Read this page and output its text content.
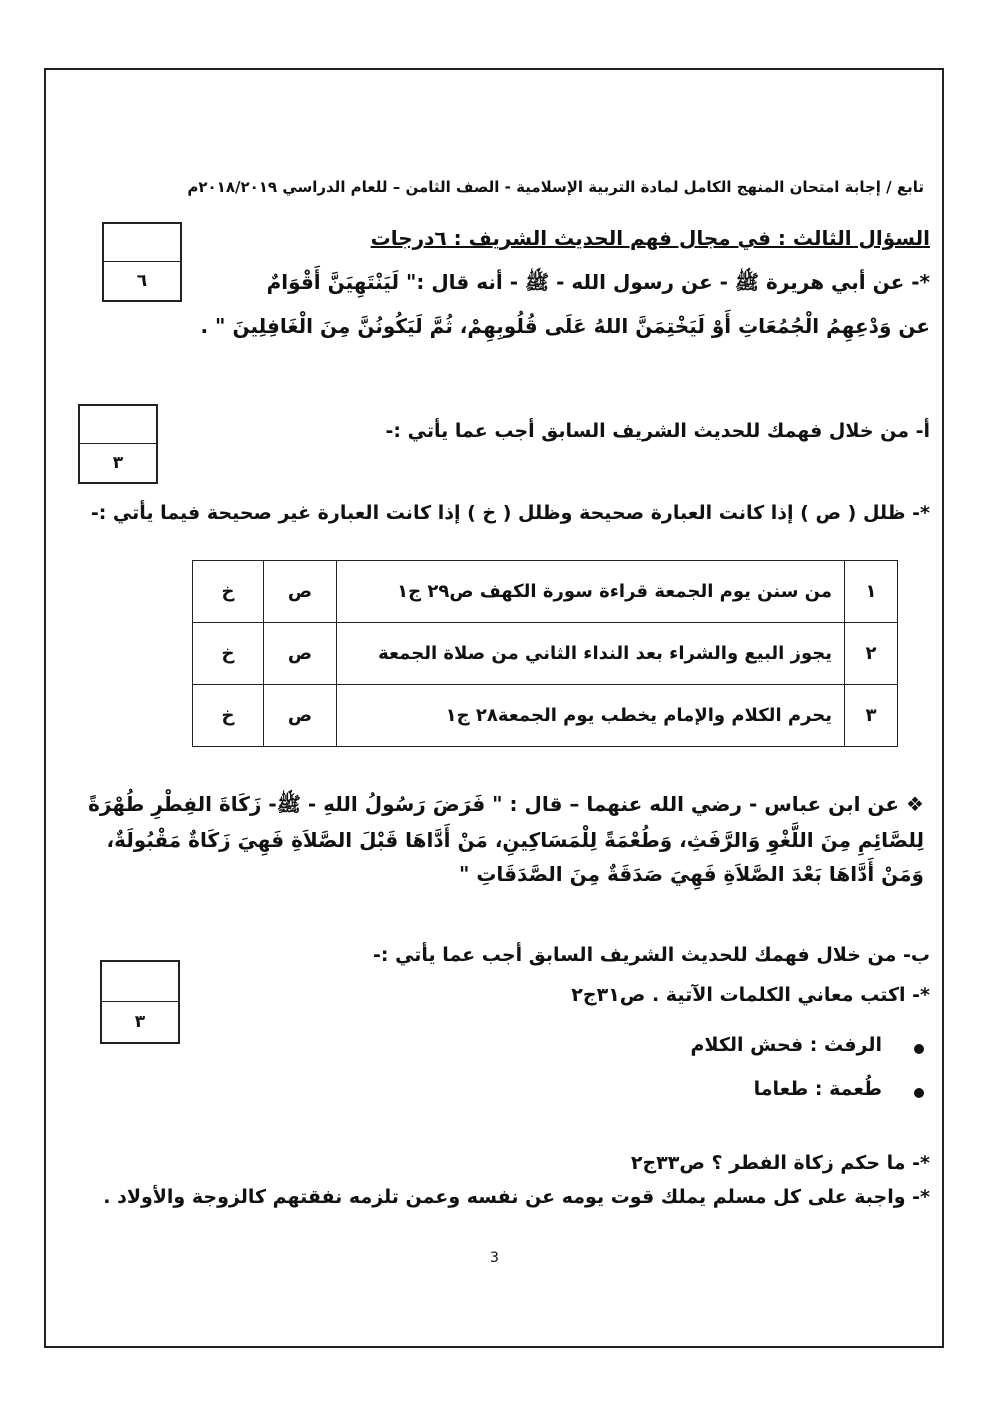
تابع / إجابة امتحان المنهج الكامل لمادة التربية الإسلامية - الصف الثامن – للعام الدراسي ٢٠١٨/٢٠١٩م
السؤال الثالث : في مجال فهم الحديث الشريف : ٦درجات
٦	*- عن أبي هريرة ﷺ - عن رسول الله - ﷺ - أنه قال :" لَيَنْتَهِيَنَّ أَقْوَامٌ
عن وَدْعِهِمُ الْجُمُعَاتِ أَوْ لَيَخْتِمَنَّ اللهُ عَلَى قُلُوبِهِمْ، ثُمَّ لَيَكُونُنَّ مِنَ الْغَافِلِينَ " .
أ- من خلال فهمك للحديث الشريف السابق أجب عما يأتي :-
٣
*- ظلل ( ص ) إذا كانت العبارة صحيحة وظلل ( خ ) إذا كانت العبارة غير صحيحة فيما يأتي :-
١	من سنن يوم الجمعة قراءة سورة الكهف ص٢٩ ج١	ص	خ
٢	يجوز البيع والشراء بعد النداء الثاني من صلاة الجمعة	ص	خ
٣	يحرم الكلام والإمام يخطب يوم الجمعة٢٨ ج١	ص	خ
❖ عن ابن عباس - رضي الله عنهما – قال : " فَرَضَ رَسُولُ اللهِ - ﷺ- زَكَاةَ الفِطْرِ طُهْرَةً
لِلصَّائِمِ مِنَ اللَّغْوِ وَالرَّفَثِ، وَطُعْمَةً لِلْمَسَاكِينِ، مَنْ أَدَّاهَا قَبْلَ الصَّلاَةِ فَهِيَ زَكَاةٌ مَقْبُولَةٌ،
وَمَنْ أَدَّاهَا بَعْدَ الصَّلاَةِ فَهِيَ صَدَقَةٌ مِنَ الصَّدَقَاتِ "
ب- من خلال فهمك للحديث الشريف السابق أجب عما يأتي :-
٣
*- اكتب معاني الكلمات الآتية . ص٣١ج٢
الرفث : فحش الكلام
طُعمة : طعاما
*- ما حكم زكاة الفطر ؟ ص٣٣ج٢
*- واجبة على كل مسلم يملك قوت يومه عن نفسه وعمن تلزمه نفقتهم كالزوجة والأولاد .
3
